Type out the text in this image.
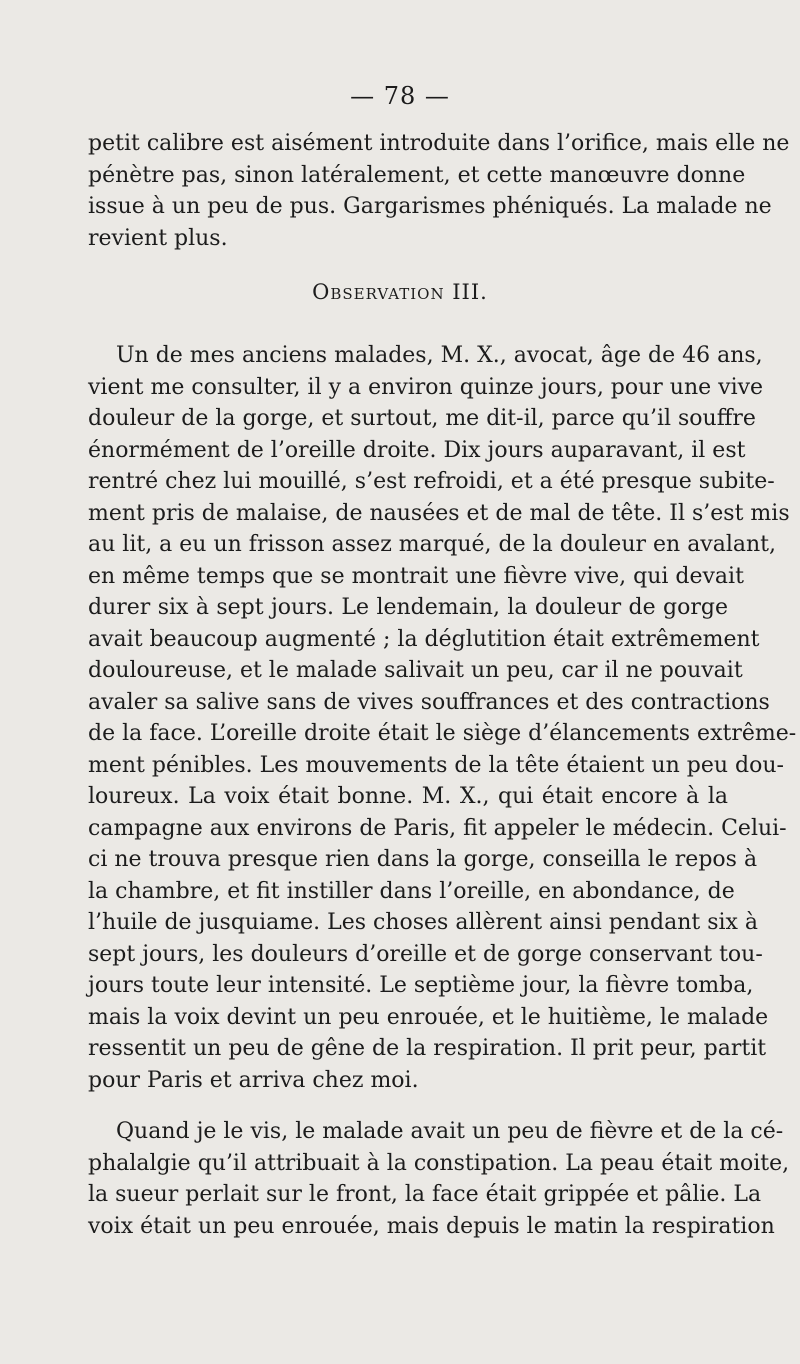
— 78 —
petit calibre est aisément introduite dans l’orifice, mais elle ne
pénètre pas, sinon latéralement, et cette manœuvre donne
issue à un peu de pus. Gargarismes phéniqués. La malade ne
revient plus.
Observation III.
Un de mes anciens malades, M. X., avocat, âge de 46 ans,
vient me consulter, il y a environ quinze jours, pour une vive
douleur de la gorge, et surtout, me dit-il, parce qu’il souffre
énormément de l’oreille droite. Dix jours auparavant, il est
rentré chez lui mouillé, s’est refroidi, et a été presque subite-
ment pris de malaise, de nausées et de mal de tête. Il s’est mis
au lit, a eu un frisson assez marqué, de la douleur en avalant,
en même temps que se montrait une fièvre vive, qui devait
durer six à sept jours. Le lendemain, la douleur de gorge
avait beaucoup augmenté ; la déglutition était extrêmement
douloureuse, et le malade salivait un peu, car il ne pouvait
avaler sa salive sans de vives souffrances et des contractions
de la face. L’oreille droite était le siège d’élancements extrême-
ment pénibles. Les mouvements de la tête étaient un peu dou-
loureux. La voix était bonne. M. X., qui était encore à la
campagne aux environs de Paris, fit appeler le médecin. Celui-
ci ne trouva presque rien dans la gorge, conseilla le repos à
la chambre, et fit instiller dans l’oreille, en abondance, de
l’huile de jusquiame. Les choses allèrent ainsi pendant six à
sept jours, les douleurs d’oreille et de gorge conservant tou-
jours toute leur intensité. Le septième jour, la fièvre tomba,
mais la voix devint un peu enrouée, et le huitième, le malade
ressentit un peu de gêne de la respiration. Il prit peur, partit
pour Paris et arriva chez moi.
Quand je le vis, le malade avait un peu de fièvre et de la cé-
phalalgie qu’il attribuait à la constipation. La peau était moite,
la sueur perlait sur le front, la face était grippée et pâlie. La
voix était un peu enrouée, mais depuis le matin la respiration
